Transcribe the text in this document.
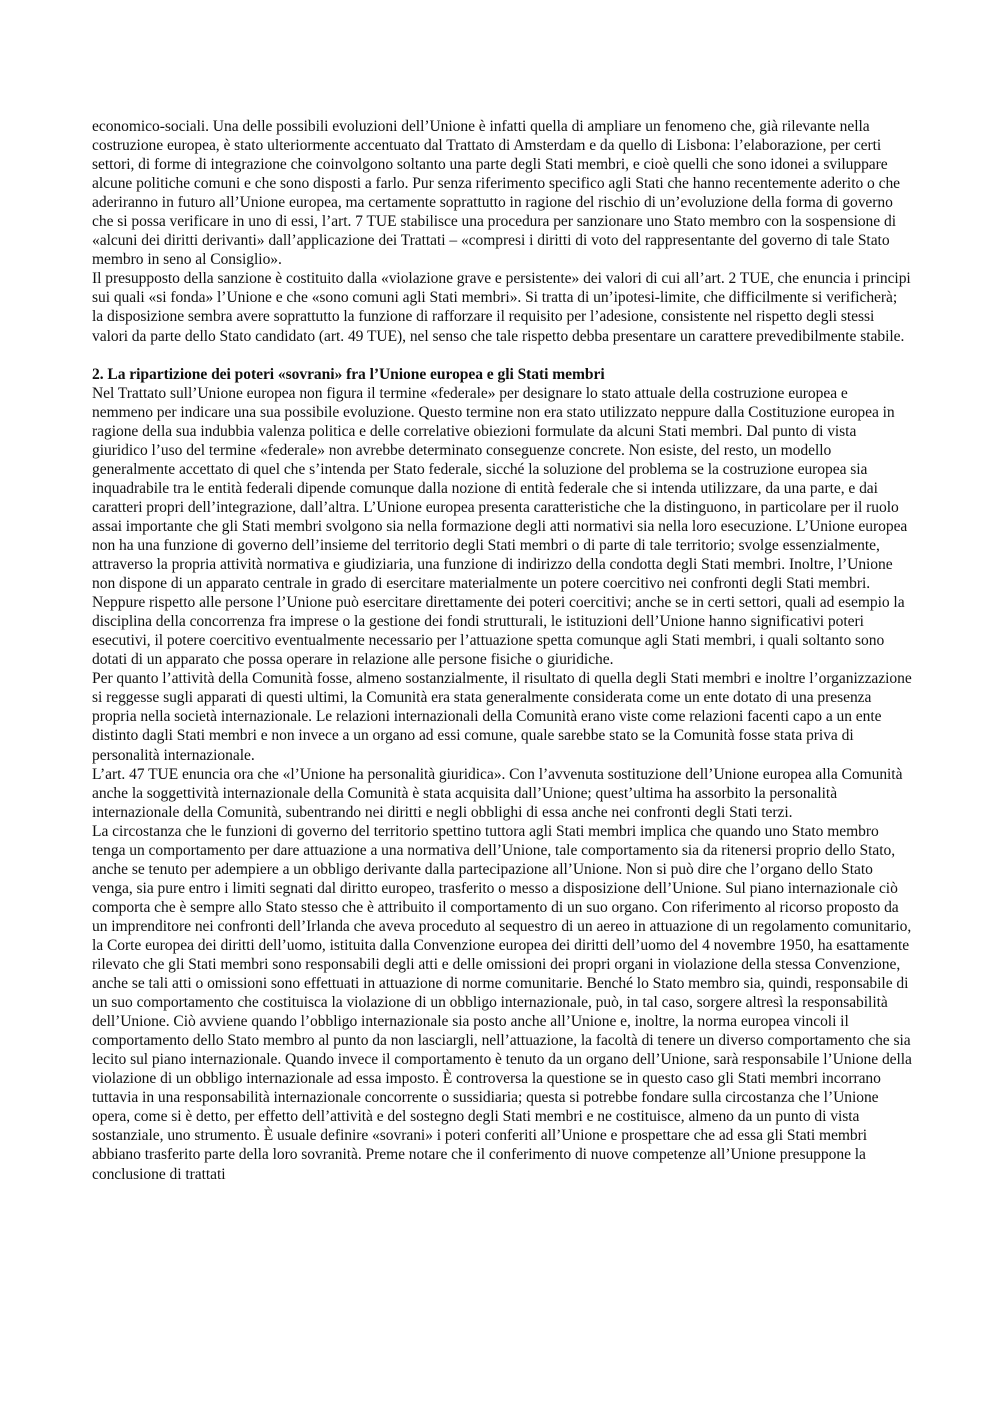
economico-sociali. Una delle possibili evoluzioni dell’Unione è infatti quella di ampliare un fenomeno che, già rilevante nella costruzione europea, è stato ulteriormente accentuato dal Trattato di Amsterdam e da quello di Lisbona: l’elaborazione, per certi settori, di forme di integrazione che coinvolgono soltanto una parte degli Stati membri, e cioè quelli che sono idonei a sviluppare alcune politiche comuni e che sono disposti a farlo. Pur senza riferimento specifico agli Stati che hanno recentemente aderito o che aderiranno in futuro all’Unione europea, ma certamente soprattutto in ragione del rischio di un’evoluzione della forma di governo che si possa verificare in uno di essi, l’art. 7 TUE stabilisce una procedura per sanzionare uno Stato membro con la sospensione di «alcuni dei diritti derivanti» dall’applicazione dei Trattati – «compresi i diritti di voto del rappresentante del governo di tale Stato membro in seno al Consiglio».

Il presupposto della sanzione è costituito dalla «violazione grave e persistente» dei valori di cui all’art. 2 TUE, che enuncia i principi sui quali «si fonda» l’Unione e che «sono comuni agli Stati membri». Si tratta di un’ipotesi-limite, che difficilmente si verificherà; la disposizione sembra avere soprattutto la funzione di rafforzare il requisito per l’adesione, consistente nel rispetto degli stessi valori da parte dello Stato candidato (art. 49 TUE), nel senso che tale rispetto debba presentare un carattere prevedibilmente stabile.

2. La ripartizione dei poteri «sovrani» fra l’Unione europea e gli Stati membri

Nel Trattato sull’Unione europea non figura il termine «federale» per designare lo stato attuale della costruzione europea e nemmeno per indicare una sua possibile evoluzione. Questo termine non era stato utilizzato neppure dalla Costituzione europea in ragione della sua indubbia valenza politica e delle correlative obiezioni formulate da alcuni Stati membri. Dal punto di vista giuridico l’uso del termine «federale» non avrebbe determinato conseguenze concrete. Non esiste, del resto, un modello generalmente accettato di quel che s’intenda per Stato federale, sicché la soluzione del problema se la costruzione europea sia inquadrabile tra le entità federali dipende comunque dalla nozione di entità federale che si intenda utilizzare, da una parte, e dai caratteri propri dell’integrazione, dall’altra. L’Unione europea presenta caratteristiche che la distinguono, in particolare per il ruolo assai importante che gli Stati membri svolgono sia nella formazione degli atti normativi sia nella loro esecuzione. L’Unione europea non ha una funzione di governo dell’insieme del territorio degli Stati membri o di parte di tale territorio; svolge essenzialmente, attraverso la propria attività normativa e giudiziaria, una funzione di indirizzo della condotta degli Stati membri. Inoltre, l’Unione non dispone di un apparato centrale in grado di esercitare materialmente un potere coercitivo nei confronti degli Stati membri. Neppure rispetto alle persone l’Unione può esercitare direttamente dei poteri coercitivi; anche se in certi settori, quali ad esempio la disciplina della concorrenza fra imprese o la gestione dei fondi strutturali, le istituzioni dell’Unione hanno significativi poteri esecutivi, il potere coercitivo eventualmente necessario per l’attuazione spetta comunque agli Stati membri, i quali soltanto sono dotati di un apparato che possa operare in relazione alle persone fisiche o giuridiche.

Per quanto l’attività della Comunità fosse, almeno sostanzialmente, il risultato di quella degli Stati membri e inoltre l’organizzazione si reggesse sugli apparati di questi ultimi, la Comunità era stata generalmente considerata come un ente dotato di una presenza propria nella società internazionale. Le relazioni internazionali della Comunità erano viste come relazioni facenti capo a un ente distinto dagli Stati membri e non invece a un organo ad essi comune, quale sarebbe stato se la Comunità fosse stata priva di personalità internazionale.

L’art. 47 TUE enuncia ora che «l’Unione ha personalità giuridica». Con l’avvenuta sostituzione dell’Unione europea alla Comunità anche la soggettività internazionale della Comunità è stata acquisita dall’Unione; quest’ultima ha assorbito la personalità internazionale della Comunità, subentrando nei diritti e negli obblighi di essa anche nei confronti degli Stati terzi.

La circostanza che le funzioni di governo del territorio spettino tuttora agli Stati membri implica che quando uno Stato membro tenga un comportamento per dare attuazione a una normativa dell’Unione, tale comportamento sia da ritenersi proprio dello Stato, anche se tenuto per adempiere a un obbligo derivante dalla partecipazione all’Unione. Non si può dire che l’organo dello Stato venga, sia pure entro i limiti segnati dal diritto europeo, trasferito o messo a disposizione dell’Unione. Sul piano internazionale ciò comporta che è sempre allo Stato stesso che è attribuito il comportamento di un suo organo. Con riferimento al ricorso proposto da un imprenditore nei confronti dell’Irlanda che aveva proceduto al sequestro di un aereo in attuazione di un regolamento comunitario, la Corte europea dei diritti dell’uomo, istituita dalla Convenzione europea dei diritti dell’uomo del 4 novembre 1950, ha esattamente rilevato che gli Stati membri sono responsabili degli atti e delle omissioni dei propri organi in violazione della stessa Convenzione, anche se tali atti o omissioni sono effettuati in attuazione di norme comunitarie. Benché lo Stato membro sia, quindi, responsabile di un suo comportamento che costituisca la violazione di un obbligo internazionale, può, in tal caso, sorgere altresì la responsabilità dell’Unione. Ciò avviene quando l’obbligo internazionale sia posto anche all’Unione e, inoltre, la norma europea vincoli il comportamento dello Stato membro al punto da non lasciargli, nell’attuazione, la facoltà di tenere un diverso comportamento che sia lecito sul piano internazionale. Quando invece il comportamento è tenuto da un organo dell’Unione, sarà responsabile l’Unione della violazione di un obbligo internazionale ad essa imposto. È controversa la questione se in questo caso gli Stati membri incorrano tuttavia in una responsabilità internazionale concorrente o sussidiaria; questa si potrebbe fondare sulla circostanza che l’Unione opera, come si è detto, per effetto dell’attività e del sostegno degli Stati membri e ne costituisce, almeno da un punto di vista sostanziale, uno strumento. È usuale definire «sovrani» i poteri conferiti all’Unione e prospettare che ad essa gli Stati membri abbiano trasferito parte della loro sovranità. Preme notare che il conferimento di nuove competenze all’Unione presuppone la conclusione di trattati
